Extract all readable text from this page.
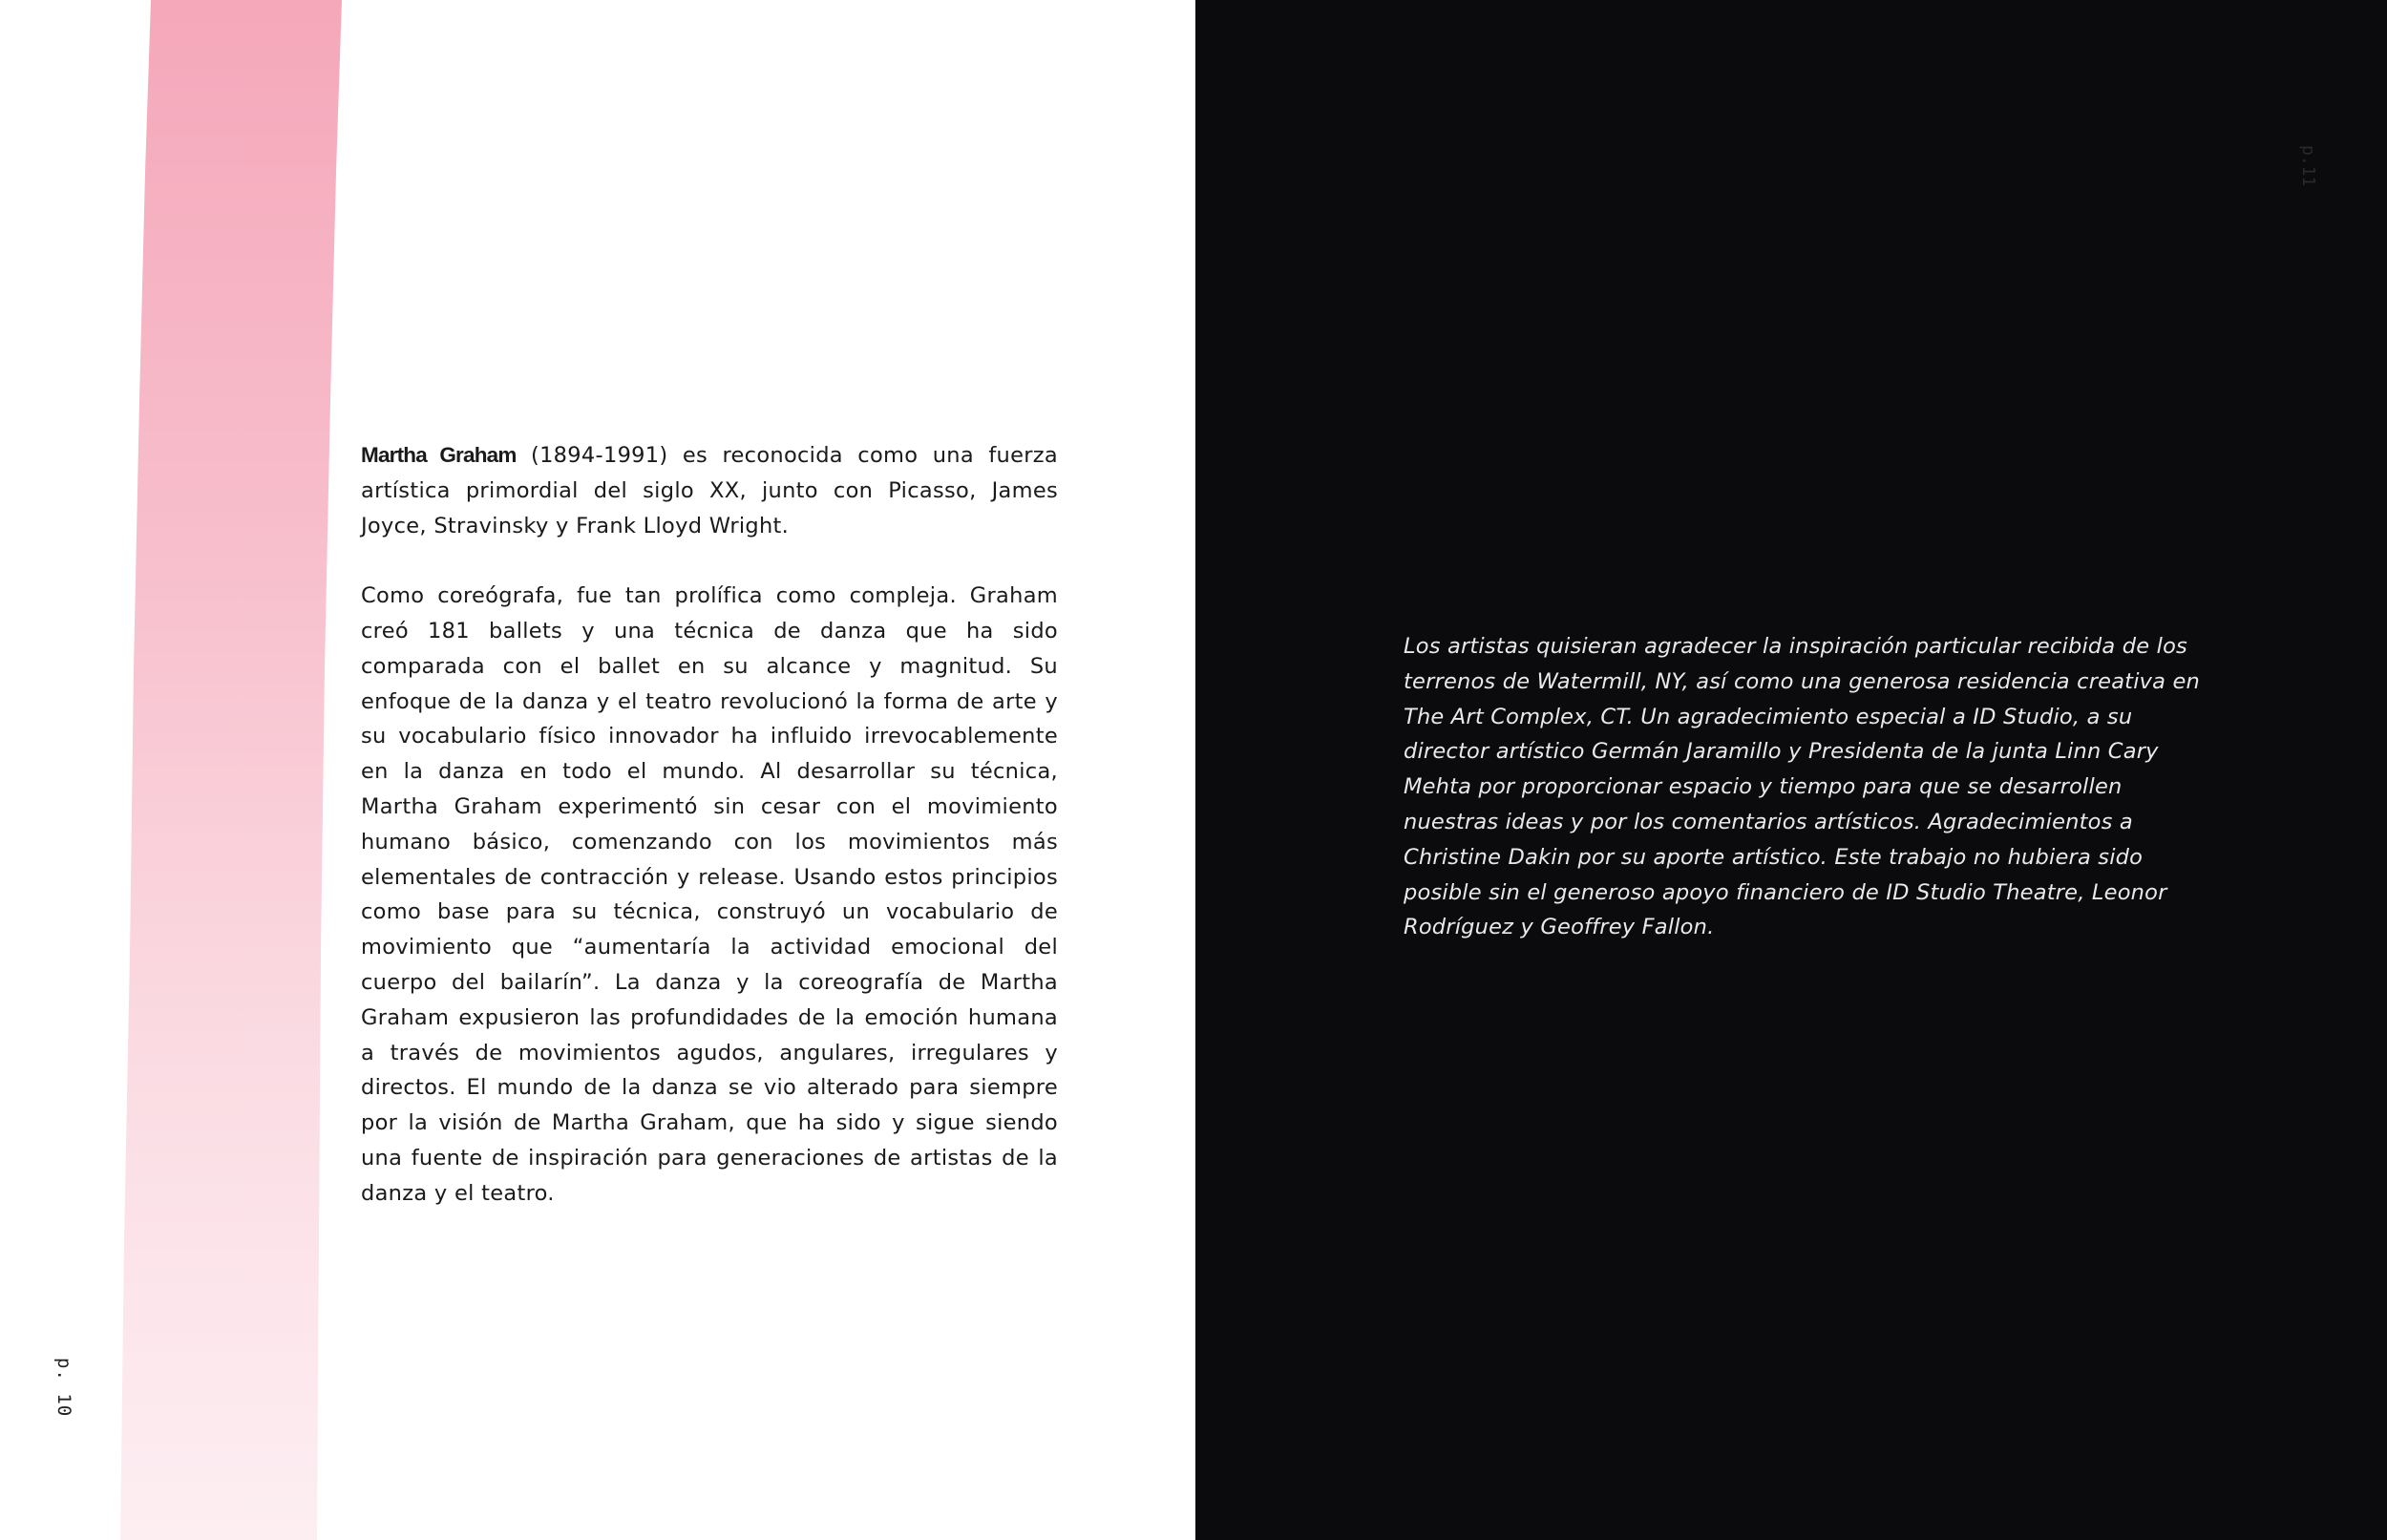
Martha Graham (1894-1991) es reconocida como una fuerza artística primordial del siglo XX, junto con Picasso, James Joyce, Stravinsky y Frank Lloyd Wright.

Como coreógrafa, fue tan prolífica como compleja. Graham creó 181 ballets y una técnica de danza que ha sido comparada con el ballet en su alcance y magnitud. Su enfoque de la danza y el teatro revolucionó la forma de arte y su vocabulario físico innovador ha influido irrevocablemente en la danza en todo el mundo. Al desarrollar su técnica, Martha Graham experimentó sin cesar con el movimiento humano básico, comenzando con los movimientos más elementales de contracción y release. Usando estos principios como base para su técnica, construyó un vocabulario de movimiento que “aumentaría la actividad emocional del cuerpo del bailarín”. La danza y la coreografía de Martha Graham expusieron las profundidades de la emoción humana a través de movimientos agudos, angulares, irregulares y directos. El mundo de la danza se vio alterado para siempre por la visión de Martha Graham, que ha sido y sigue siendo una fuente de inspiración para generaciones de artistas de la danza y el teatro.

p. 10
p.11
Los artistas quisieran agradecer la inspiración particular recibida de los terrenos de Watermill, NY, así como una generosa residencia creativa en The Art Complex, CT. Un agradecimiento especial a ID Studio, a su director artístico Germán Jaramillo y Presidenta de la junta Linn Cary Mehta por proporcionar espacio y tiempo para que se desarrollen nuestras ideas y por los comentarios artísticos. Agradecimientos a Christine Dakin por su aporte artístico. Este trabajo no hubiera sido posible sin el generoso apoyo financiero de ID Studio Theatre, Leonor Rodríguez y Geoffrey Fallon.
